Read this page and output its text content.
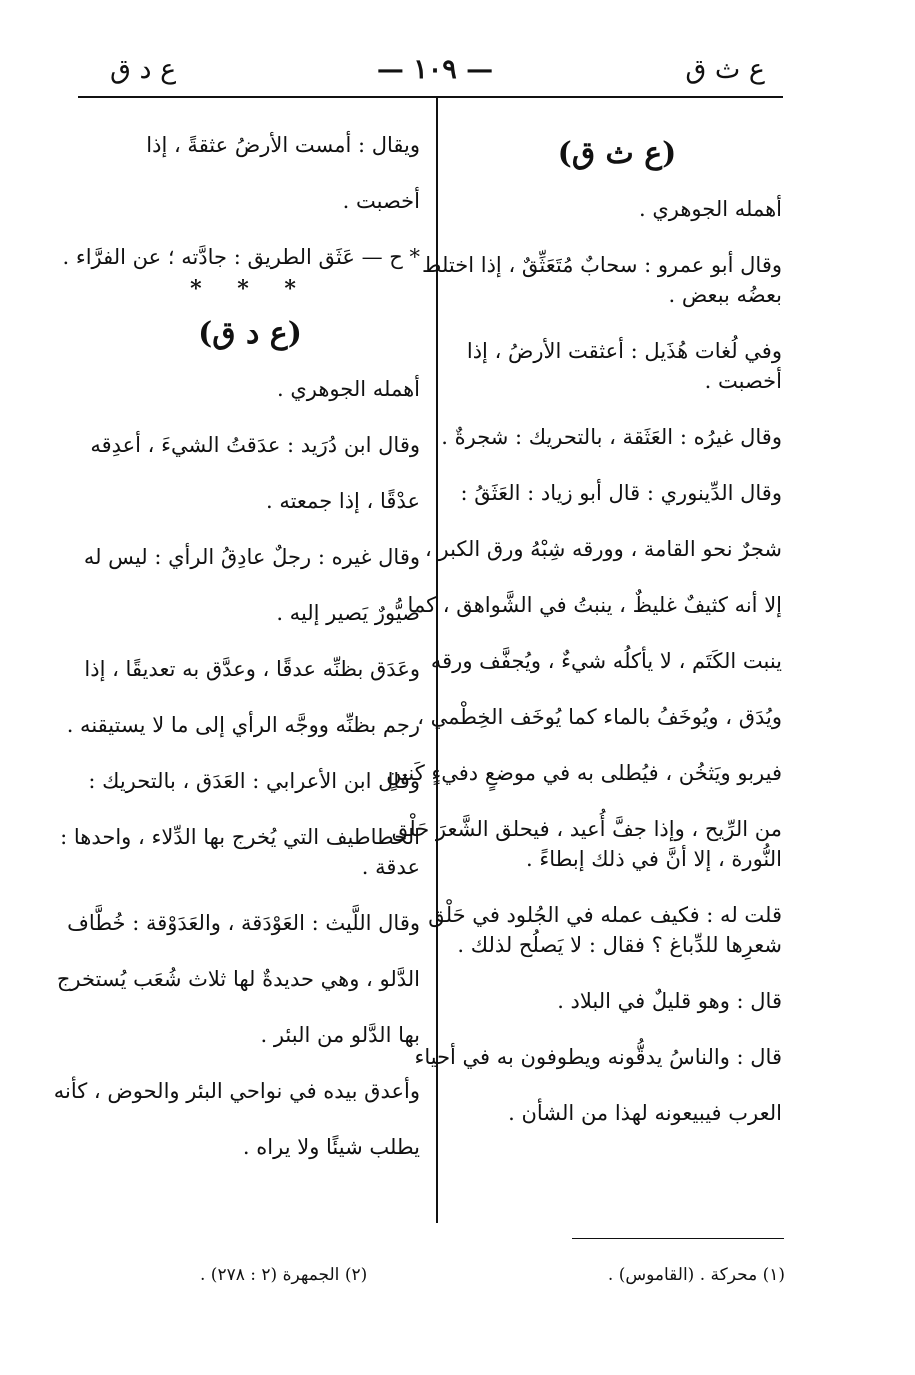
ع ث ق
— ١٠٩ —
ع د ق
(ع ث ق)

أهمله الجوهري .

وقال أبو عمرو : سحابٌ مُتَعَثِّقٌ ، إذا اختلط

بعضُه ببعض .

وفي لُغات هُذَيل : أعثقت الأرضُ ، إذا

أخصبت .

وقال غيرُه : العَثَقة ، بالتحريك : شجرةٌ .

وقال الدِّينوري : قال أبو زياد : العَثَقُ :

شجرٌ نحو القامة ، وورقه شِبْهُ ورق الكبر ،

إلا أنه كثيفٌ غليظٌ ، ينبتُ في الشَّواهق ، كما

ينبت الكَتَم ، لا يأكلُه شيءٌ ، ويُجفَّف ورقه

ويُدَق ، ويُوخَفُ بالماء كما يُوخَف الخِطْمي ،

فيربو ويَثخُن ، فيُطلى به في موضعٍ دفيءٍ كَنينٍ

من الرِّيح ، وإذا جفَّ أُعيد ، فيحلق الشَّعرَ حَلْق

النُّورة ، إلا أنَّ في ذلك إبطاءً .

قلت له : فكيف عمله في الجُلود في حَلْق

شعرِها للدِّباغ ؟ فقال : لا يَصلُح لذلك .

قال : وهو قليلٌ في البلاد .

قال : والناسُ يدقُّونه ويطوفون به في أحياء

العرب فيبيعونه لهذا من الشأن .

ويقال : أمست الأرضُ عثقةً ، إذا

أخصبت .

* ح — عَثَق الطريق : جادَّته ؛ عن الفرَّاء .

* * *
(ع د ق)

أهمله الجوهري .

وقال ابن دُرَيد : عدَقتُ الشيءَ ، أعدِقه

عدْقًا ، إذا جمعته .

وقال غيره : رجلٌ عادِقُ الرأي : ليس له

صيُّورٌ يَصير إليه .

وعَدَق بظنِّه عدقًا ، وعدَّق به تعديقًا ، إذا

رجم بظنِّه ووجَّه الرأي إلى ما لا يستيقنه .

وقال ابن الأعرابي : العَدَق ، بالتحريك :

الخطاطيف التي يُخرج بها الدِّلاء ، واحدها :

عدقة .

وقال اللَّيث : العَوْدَقة ، والعَدَوْقة : خُطَّاف

الدَّلو ، وهي حديدةٌ لها ثلاث شُعَب يُستخرج

بها الدَّلو من البئر .

وأعدق بيده في نواحي البئر والحوض ، كأنه

يطلب شيئًا ولا يراه .

(١) محركة . (القاموس) .
(٢) الجمهرة (٢ : ٢٧٨) .
